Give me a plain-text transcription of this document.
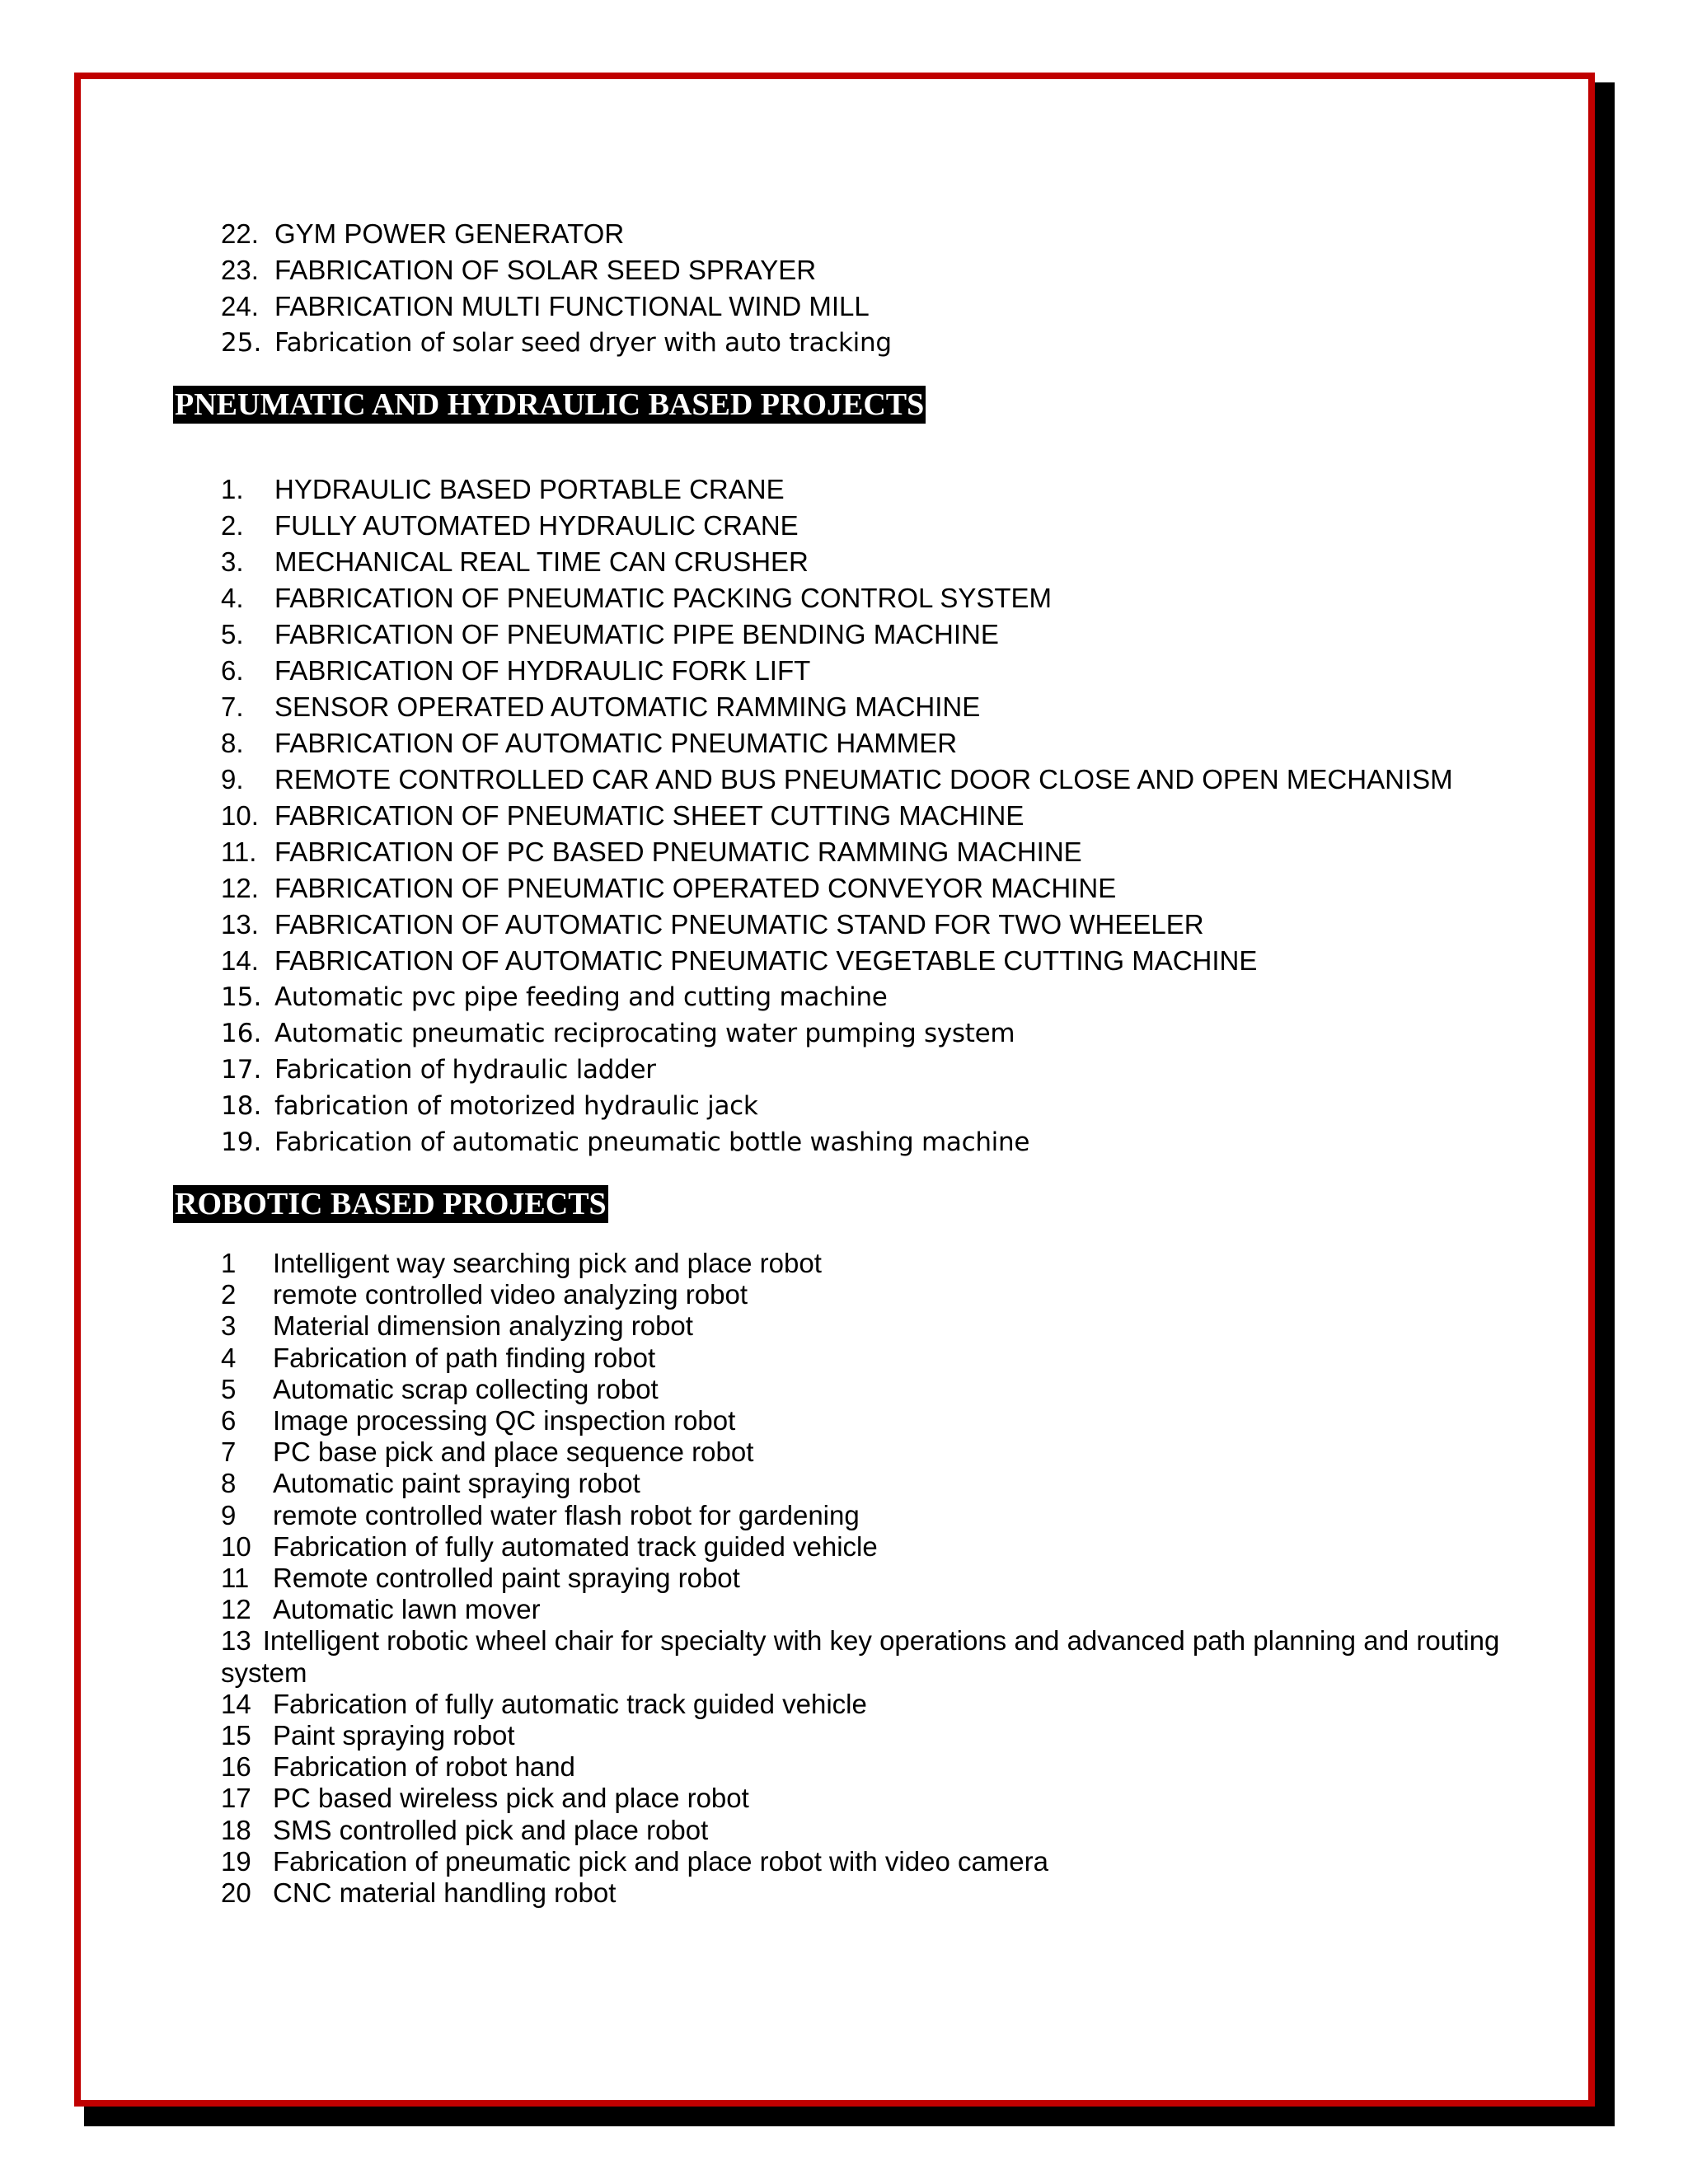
22. GYM POWER GENERATOR
23. FABRICATION OF SOLAR SEED SPRAYER
24. FABRICATION MULTI FUNCTIONAL WIND MILL
25. Fabrication of solar seed dryer with auto tracking
PNEUMATIC AND HYDRAULIC BASED PROJECTS
1.	HYDRAULIC BASED PORTABLE CRANE
2.	FULLY AUTOMATED HYDRAULIC CRANE
3.	MECHANICAL REAL TIME CAN CRUSHER
4.	FABRICATION OF PNEUMATIC PACKING CONTROL SYSTEM
5.	FABRICATION OF PNEUMATIC PIPE BENDING MACHINE
6.	FABRICATION OF HYDRAULIC FORK LIFT
7.	SENSOR OPERATED AUTOMATIC RAMMING MACHINE
8.	FABRICATION OF AUTOMATIC PNEUMATIC HAMMER
9.	REMOTE CONTROLLED CAR AND BUS PNEUMATIC DOOR CLOSE AND OPEN MECHANISM
10. FABRICATION OF PNEUMATIC SHEET CUTTING MACHINE
11. FABRICATION OF PC BASED PNEUMATIC RAMMING MACHINE
12. FABRICATION OF PNEUMATIC OPERATED CONVEYOR MACHINE
13. FABRICATION OF AUTOMATIC PNEUMATIC STAND FOR TWO WHEELER
14. FABRICATION OF AUTOMATIC PNEUMATIC VEGETABLE CUTTING MACHINE
15. Automatic pvc pipe feeding and cutting machine
16. Automatic pneumatic reciprocating water pumping system
17. Fabrication of hydraulic ladder
18. fabrication of motorized hydraulic jack
19. Fabrication of automatic pneumatic bottle washing machine
ROBOTIC BASED PROJECTS
1 Intelligent way searching pick and place robot
2 remote controlled video analyzing robot
3 Material dimension analyzing robot
4 Fabrication of path finding robot
5 Automatic scrap collecting robot
6 Image processing QC inspection robot
7 PC base pick and place sequence robot
8 Automatic paint spraying robot
9 remote controlled water flash robot for gardening
10 Fabrication of fully automated track guided vehicle
11 Remote controlled paint spraying robot
12 Automatic lawn mover
13 Intelligent robotic wheel chair for specialty with key operations and advanced path planning and routing system
14 Fabrication of fully automatic track guided vehicle
15 Paint spraying robot
16 Fabrication of robot hand
17 PC based wireless pick and place robot
18 SMS controlled pick and place robot
19 Fabrication of pneumatic pick and place robot with video camera
20 CNC material handling robot
